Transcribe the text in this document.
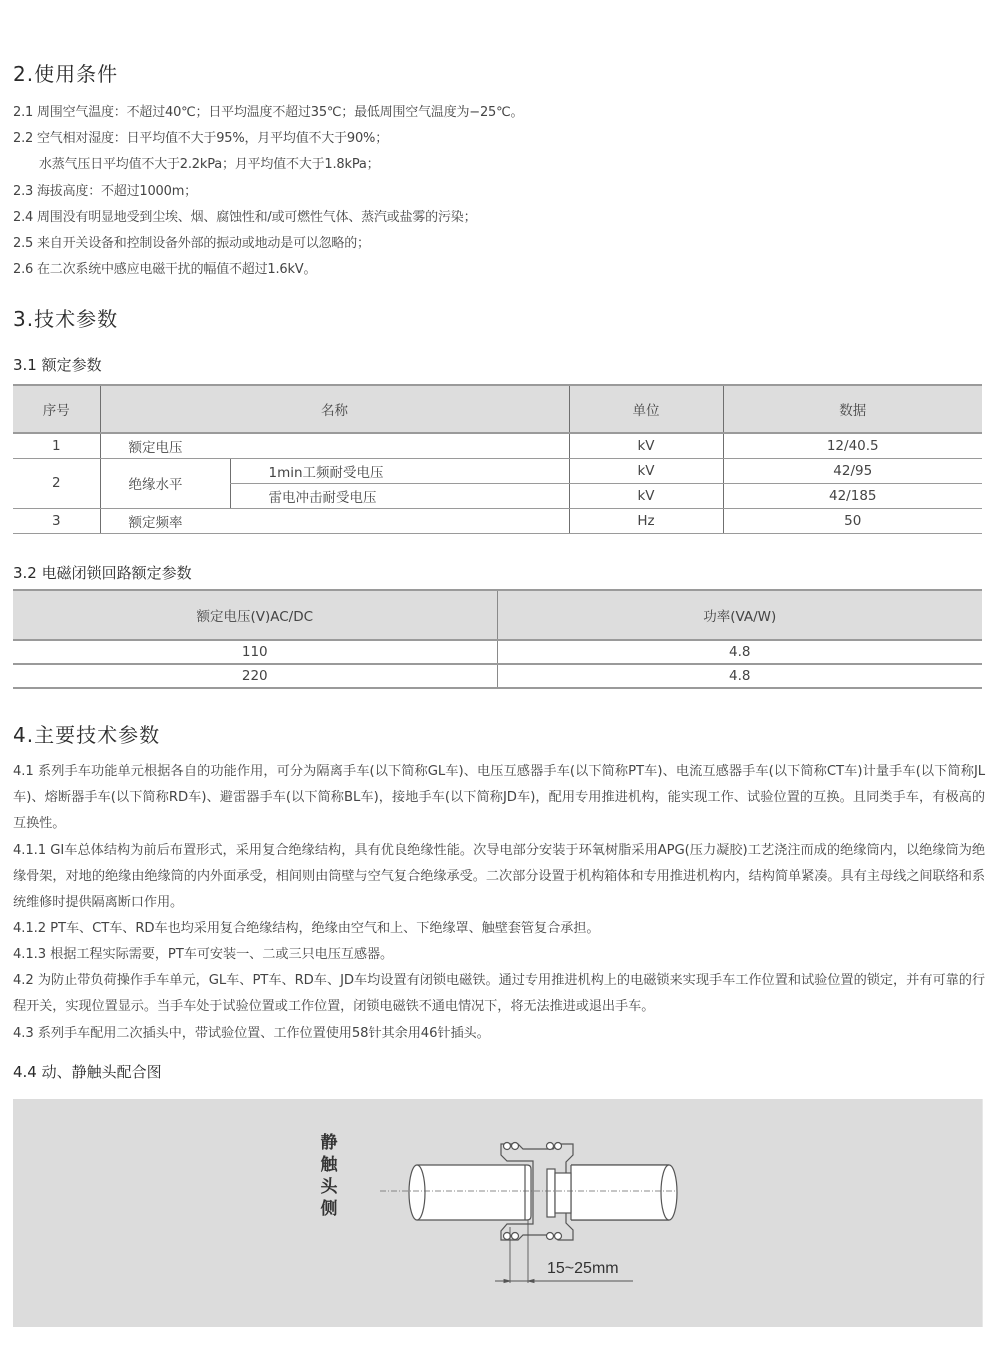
2.使用条件
2.1 周围空气温度：不超过40℃；日平均温度不超过35℃；最低周围空气温度为−25℃。
2.2 空气相对湿度：日平均值不大于95%，月平均值不大于90%；
水蒸气压日平均值不大于2.2kPa；月平均值不大于1.8kPa；
2.3 海拔高度：不超过1000m；
2.4 周围没有明显地受到尘埃、烟、腐蚀性和/或可燃性气体、蒸汽或盐雾的污染；
2.5 来自开关设备和控制设备外部的振动或地动是可以忽略的；
2.6 在二次系统中感应电磁干扰的幅值不超过1.6kV。
3.技术参数
3.1 额定参数
序号	名称		单位	数据
1	额定电压		kV	12/40.5
2	绝缘水平	1min工频耐受电压	kV	42/95
		雷电冲击耐受电压	kV	42/185
3	额定频率		Hz	50
3.2 电磁闭锁回路额定参数
额定电压(V)AC/DC	功率(VA/W)
110	4.8
220	4.8
4.主要技术参数
4.1 系列手车功能单元根据各自的功能作用，可分为隔离手车(以下简称GL车)、电压互感器手车(以下简称PT车)、电流互感器手车(以下简称CT车)计量手车(以下简称JL车)、熔断器手车(以下简称RD车)、避雷器手车(以下简称BL车)，接地手车(以下简称JD车)，配用专用推进机构，能实现工作、试验位置的互换。且同类手车，有极高的互换性。
4.1.1 GI车总体结构为前后布置形式，采用复合绝缘结构，具有优良绝缘性能。次导电部分安装于环氧树脂采用APG(压力凝胶)工艺浇注而成的绝缘筒内，以绝缘筒为绝缘骨架，对地的绝缘由绝缘筒的内外面承受，相间则由筒壁与空气复合绝缘承受。二次部分设置于机构箱体和专用推进机构内，结构简单紧凑。具有主母线之间联络和系统维修时提供隔离断口作用。
4.1.2 PT车、CT车、RD车也均采用复合绝缘结构，绝缘由空气和上、下绝缘罩、触壁套管复合承担。
4.1.3 根据工程实际需要，PT车可安装一、二或三只电压互感器。
4.2 为防止带负荷操作手车单元，GL车、PT车、RD车、JD车均设置有闭锁电磁铁。通过专用推进机构上的电磁锁来实现手车工作位置和试验位置的锁定，并有可靠的行程开关，实现位置显示。当手车处于试验位置或工作位置，闭锁电磁铁不通电情况下，将无法推进或退出手车。
4.3 系列手车配用二次插头中，带试验位置、工作位置使用58针其余用46针插头。
4.4 动、静触头配合图
静触头侧
15~25mm
